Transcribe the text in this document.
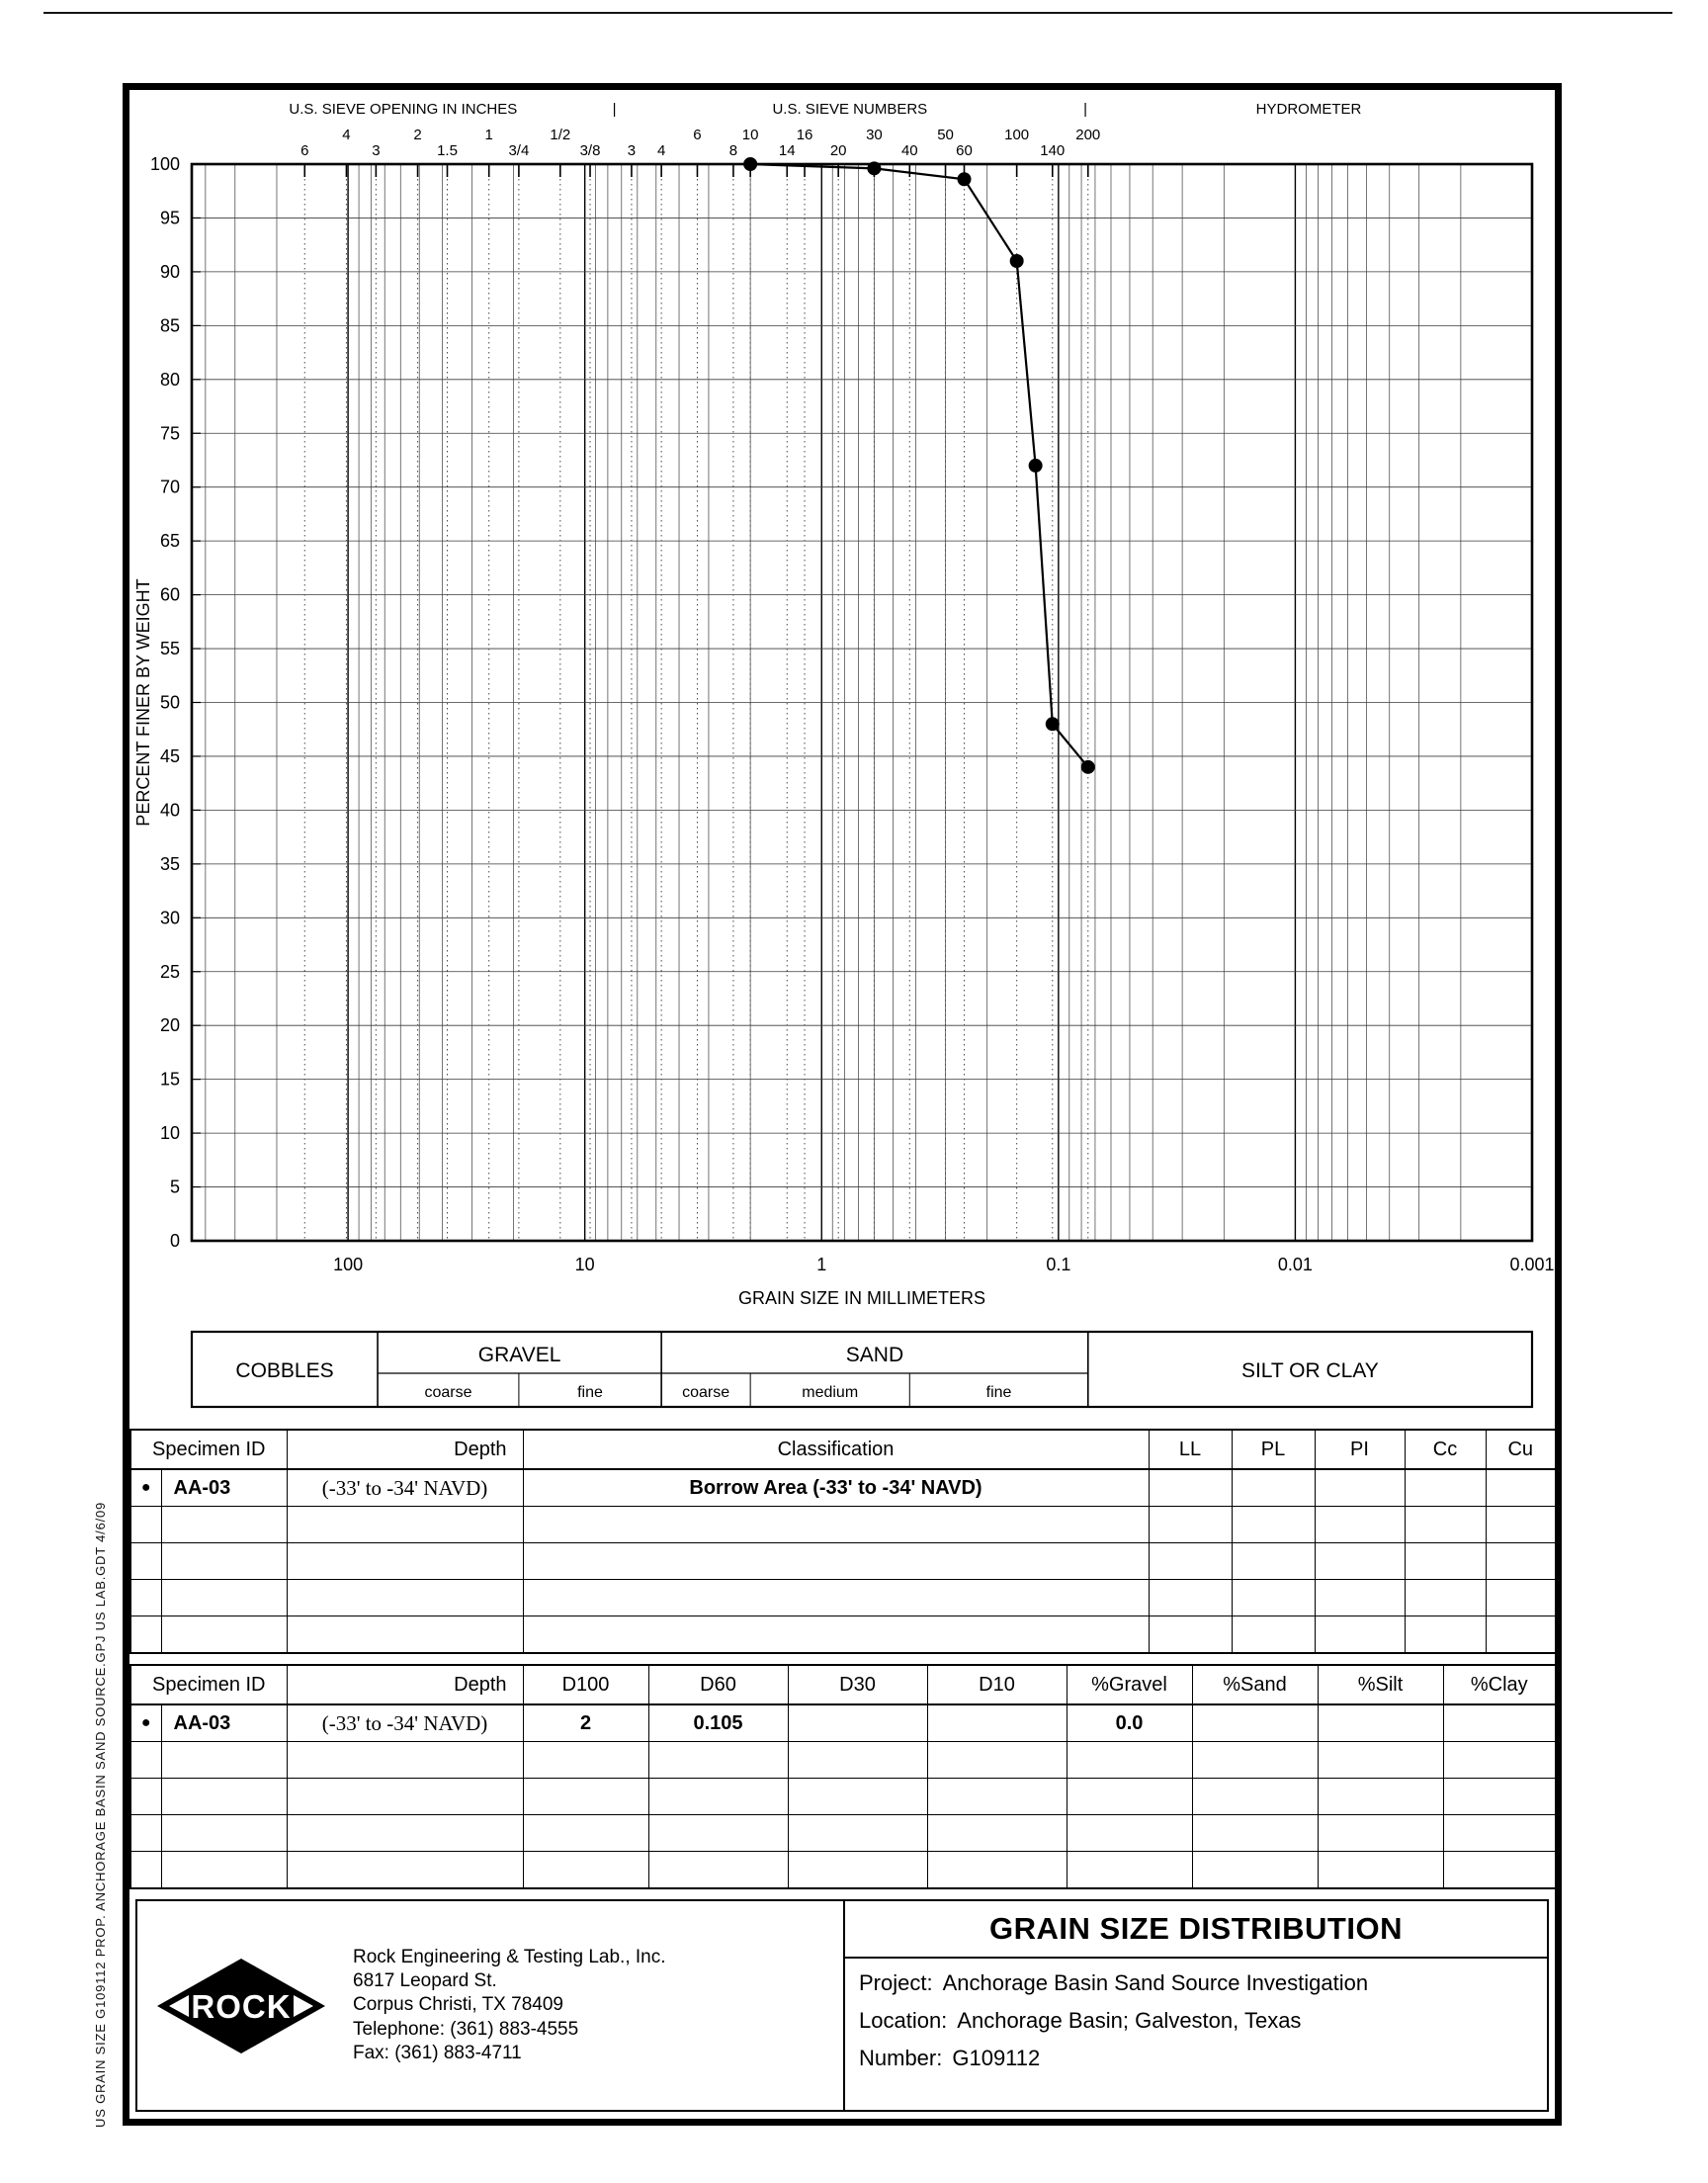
US GRAIN SIZE G109112 PROP. ANCHORAGE BASIN SAND SOURCE.GPJ US LAB.GDT 4/6/09
6
4
3
2
1.5
1
3/4
1/2
3/8 3 4
6
8
10
14
16
20
30
40
50
60
100
140
200
100
95
90
85
80
75
70
65
60
55
50
45
40
35
30
25
20
15
10
5
0
PERCENT FINER BY WEIGHT
U.S. SIEVE OPENING IN INCHES	|	U.S. SIEVE NUMBERS	|	HYDROMETER
100	10	1	0.1	0.01	0.001
GRAIN SIZE IN MILLIMETERS
COBBLES
GRAVEL
coarse	fine
SAND
coarse	medium	fine
SILT OR CLAY
Specimen ID		Depth	Classification	LL	PL	PI	Cc	Cu
●	AA-03	(-33' to -34' NAVD)	Borrow Area (-33' to -34' NAVD)					

Specimen ID		Depth	D100	D60	D30	D10	%Gravel	%Sand	%Silt	%Clay
●	AA-03	(-33' to -34' NAVD)	2	0.105			0.0			

ROCK
Rock Engineering & Testing Lab., Inc.
6817 Leopard St.
Corpus Christi, TX 78409
Telephone: (361) 883-4555
Fax: (361) 883-4711
GRAIN SIZE DISTRIBUTION
Project: Anchorage Basin Sand Source Investigation
Location: Anchorage Basin; Galveston, Texas
Number: G109112
